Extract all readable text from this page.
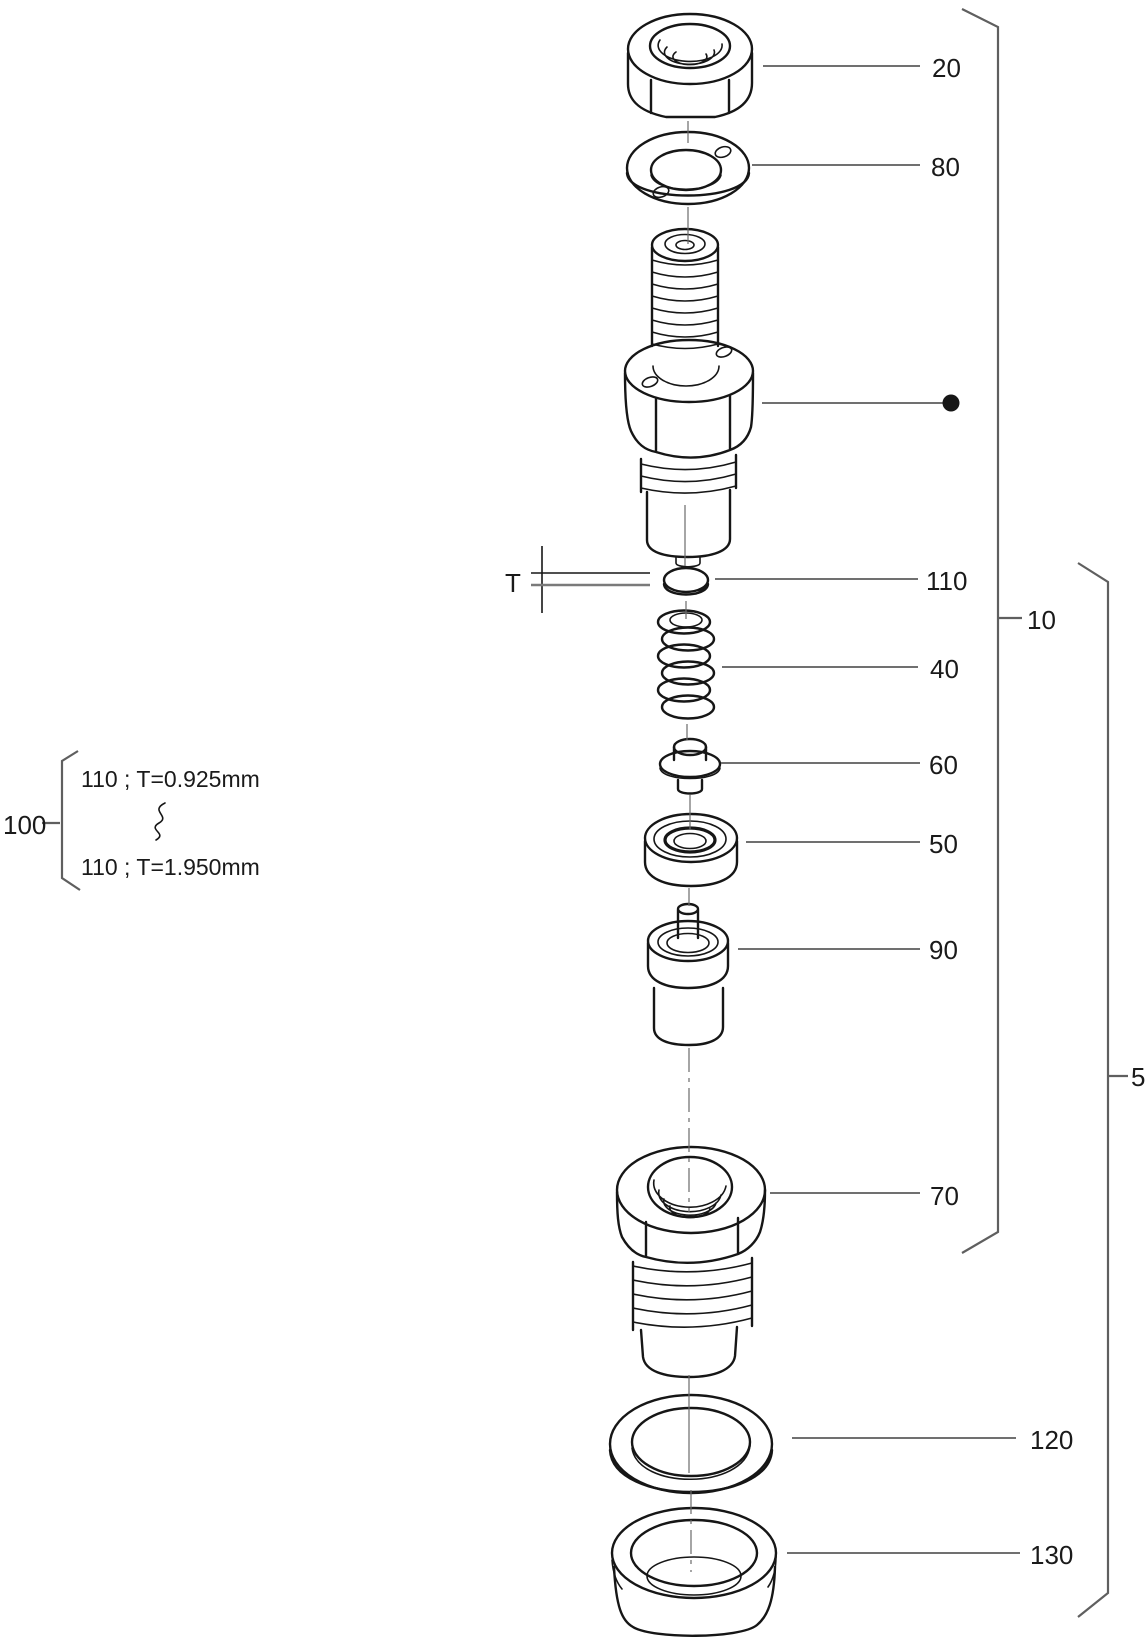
T
110 ; T=0.925mm
110 ; T=1.950mm
20
80
110
40
60
50
90
70
120
130
10
5
100
